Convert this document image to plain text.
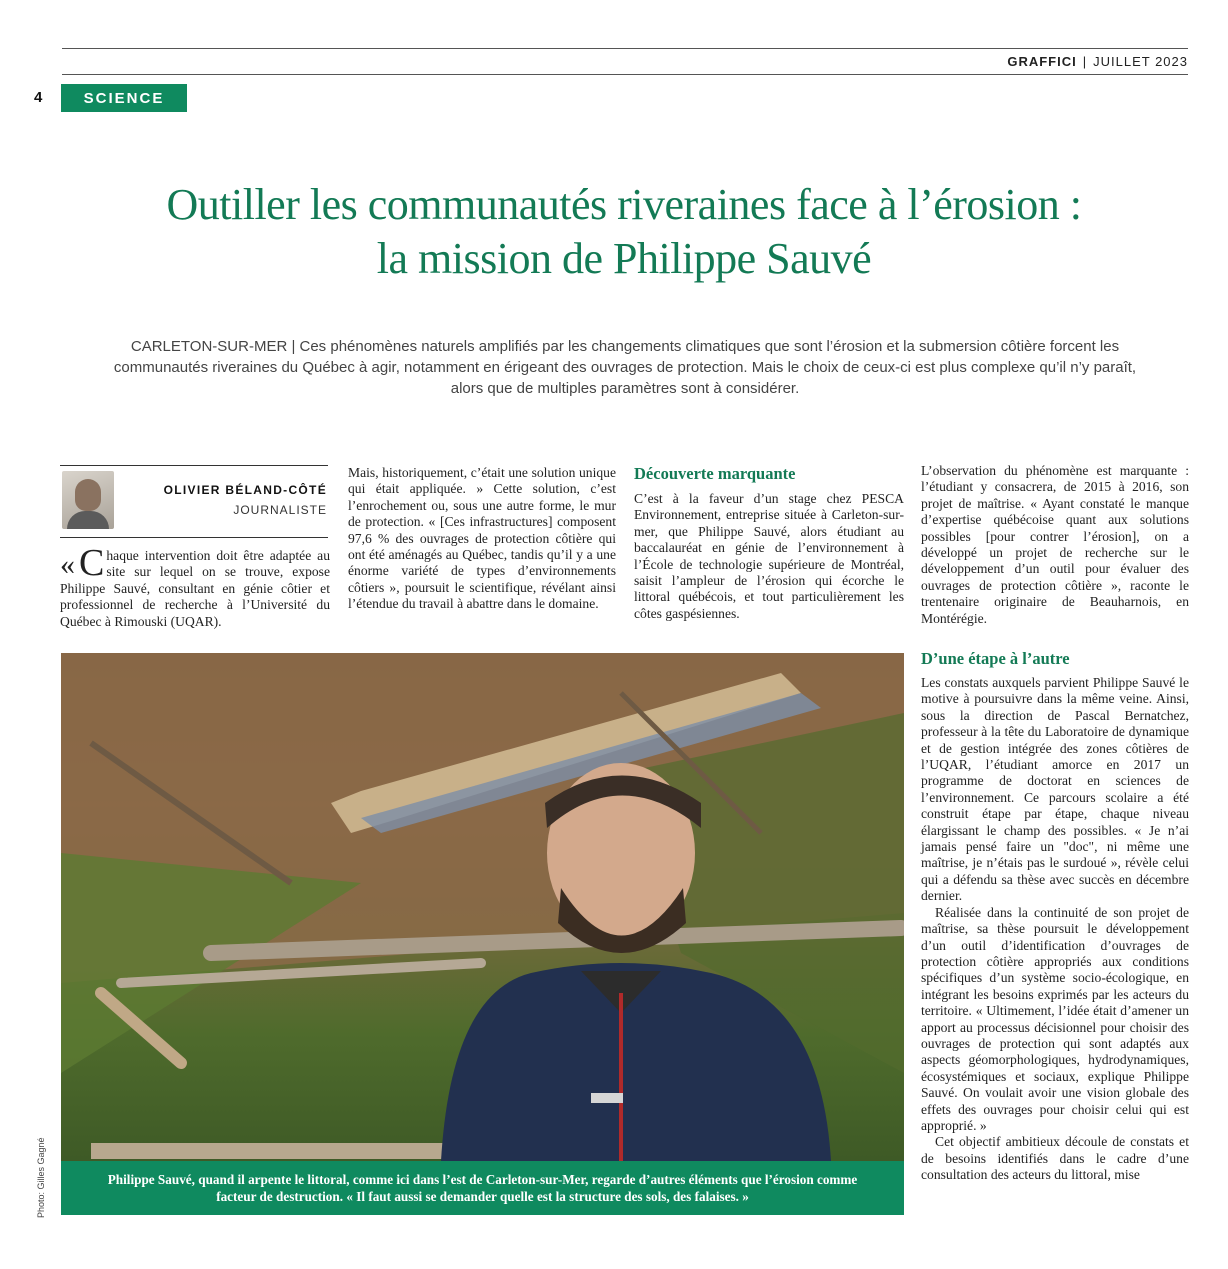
GRAFFICI | JUILLET 2023
4	SCIENCE
Outiller les communautés riveraines face à l’érosion :
la mission de Philippe Sauvé
CARLETON-SUR-MER | Ces phénomènes naturels amplifiés par les changements climatiques que sont l’érosion et la submersion côtière forcent les communautés riveraines du Québec à agir, notamment en érigeant des ouvrages de protection. Mais le choix de ceux-ci est plus complexe qu’il n’y paraît, alors que de multiples paramètres sont à considérer.
OLIVIER BÉLAND-CÔTÉ
JOURNALISTE
« C haque intervention doit être adaptée au site sur lequel on se trouve, expose Philippe Sauvé, consultant en génie côtier et professionnel de recherche à l’Université du Québec à Rimouski (UQAR).

Mais, historiquement, c’était une solution unique qui était appliquée. » Cette solution, c’est l’enrochement ou, sous une autre forme, le mur de protection. « [Ces infrastructures] composent 97,6 % des ouvrages de protection côtière qui ont été aménagés au Québec, tandis qu’il y a une énorme variété de types d’environnements côtiers », poursuit le scientifique, révélant ainsi l’étendue du travail à abattre dans le domaine.

Découverte marquante

C’est à la faveur d’un stage chez PESCA Environnement, entreprise située à Carleton-sur-mer, que Philippe Sauvé, alors étudiant au baccalauréat en génie de l’environnement à l’École de technologie supérieure de Montréal, saisit l’ampleur de l’érosion qui écorche le littoral québécois, et tout particulièrement les côtes gaspésiennes.

L’observation du phénomène est marquante : l’étudiant y consacrera, de 2015 à 2016, son projet de maîtrise. « Ayant constaté le manque d’expertise québécoise quant aux solutions possibles [pour contrer l’érosion], on a développé un projet de recherche sur le développement d’un outil pour évaluer des ouvrages de protection côtière », raconte le trentenaire originaire de Beauharnois, en Montérégie.

D’une étape à l’autre

Les constats auxquels parvient Philippe Sauvé le motive à poursuivre dans la même veine. Ainsi, sous la direction de Pascal Bernatchez, professeur à la tête du Laboratoire de dynamique et de gestion intégrée des zones côtières de l’UQAR, l’étudiant amorce en 2017 un programme de doctorat en sciences de l’environnement. Ce parcours scolaire a été construit étape par étape, chaque niveau élargissant le champ des possibles. « Je n’ai jamais pensé faire un "doc", ni même une maîtrise, je n’étais pas le surdoué », révèle celui qui a défendu sa thèse avec succès en décembre dernier.

Réalisée dans la continuité de son projet de maîtrise, sa thèse poursuit le développement d’un outil d’identification d’ouvrages de protection côtière appropriés aux conditions spécifiques d’un système socio-écologique, en intégrant les besoins exprimés par les acteurs du territoire. « Ultimement, l’idée était d’amener un apport au processus décisionnel pour choisir des ouvrages de protection qui sont adaptés aux aspects géomorphologiques, hydrodynamiques, écosystémiques et sociaux, explique Philippe Sauvé. On voulait avoir une vision globale des effets des ouvrages pour choisir celui qui est approprié. »

Cet objectif ambitieux découle de constats et de besoins identifiés dans le cadre d’une consultation des acteurs du littoral, mise

Philippe Sauvé, quand il arpente le littoral, comme ici dans l’est de Carleton-sur-Mer, regarde d’autres éléments que l’érosion comme facteur de destruction. « Il faut aussi se demander quelle est la structure des sols, des falaises. »
Photo: Gilles Gagné
